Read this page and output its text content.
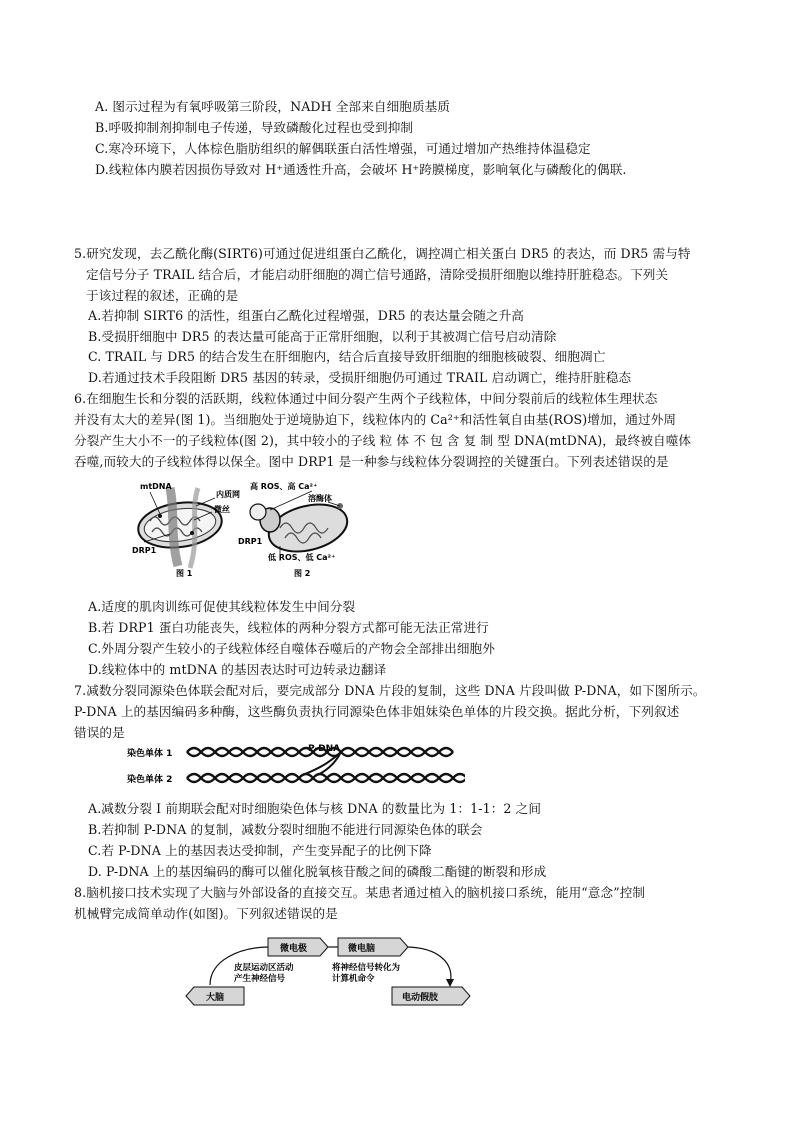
A. 图示过程为有氧呼吸第三阶段，NADH 全部来自细胞质基质
B.呼吸抑制剂抑制电子传递，导致磷酸化过程也受到抑制
C.寒冷环境下，人体棕色脂肪组织的解偶联蛋白活性增强，可通过增加产热维持体温稳定
D.线粒体内膜若因损伤导致对 H⁺通透性升高，会破坏 H⁺跨膜梯度，影响氧化与磷酸化的偶联.
5.研究发现，去乙酰化酶(SIRT6)可通过促进组蛋白乙酰化，调控凋亡相关蛋白 DR5 的表达，而 DR5 需与特
定信号分子 TRAIL 结合后，才能启动肝细胞的凋亡信号通路，清除受损肝细胞以维持肝脏稳态。下列关
于该过程的叙述，正确的是
A.若抑制 SIRT6 的活性，组蛋白乙酰化过程增强，DR5 的表达量会随之升高
B.受损肝细胞中 DR5 的表达量可能高于正常肝细胞，以利于其被凋亡信号启动清除
C. TRAIL 与 DR5 的结合发生在肝细胞内，结合后直接导致肝细胞的细胞核破裂、细胞凋亡
D.若通过技术手段阻断 DR5 基因的转录，受损肝细胞仍可通过 TRAIL 启动调亡，维持肝脏稳态
6.在细胞生长和分裂的活跃期，线粒体通过中间分裂产生两个子线粒体，中间分裂前后的线粒体生理状态
并没有太大的差异(图 1)。当细胞处于逆境胁迫下，线粒体内的 Ca²⁺和活性氧自由基(ROS)增加，通过外周
分裂产生大小不一的子线粒体(图 2)，其中较小的子线 粒 体 不 包 含 复 制 型 DNA(mtDNA)，最终被自噬体
吞噬,而较大的子线粒体得以保全。图中 DRP1 是一种参与线粒体分裂调控的关键蛋白。下列表述错误的是
mtDNA
内质网
微丝
DRP1
高 ROS、高 Ca²⁺
溶酶体
DRP1
低 ROS、低 Ca²⁺
图 1	图 2
A.适度的肌肉训练可促使其线粒体发生中间分裂
B.若 DRP1 蛋白功能丧失，线粒体的两种分裂方式都可能无法正常进行
C.外周分裂产生较小的子线粒体经自噬体吞噬后的产物会全部排出细胞外
D.线粒体中的 mtDNA 的基因表达时可边转录边翻译
7.减数分裂同源染色体联会配对后，要完成部分 DNA 片段的复制，这些 DNA 片段叫做 P-DNA，如下图所示。
P-DNA 上的基因编码多种酶，这些酶负责执行同源染色体非姐妹染色单体的片段交换。据此分析，下列叙述
错误的是
染色单体 1
染色单体 2
P-DNA
A.减数分裂 I 前期联会配对时细胞染色体与核 DNA 的数量比为 1：1-1：2 之间
B.若抑制 P-DNA 的复制，减数分裂时细胞不能进行同源染色体的联会
C.若 P-DNA 上的基因表达受抑制，产生变异配子的比例下降
D. P-DNA 上的基因编码的酶可以催化脱氧核苷酸之间的磷酸二酯键的断裂和形成
8.脑机接口技术实现了大脑与外部设备的直接交互。某患者通过植入的脑机接口系统，能用“意念”控制
机械臂完成简单动作(如图)。下列叙述错误的是
微电极	微电脑
皮层运动区活动
产生神经信号
将神经信号转化为
计算机命令
大脑	电动假肢
